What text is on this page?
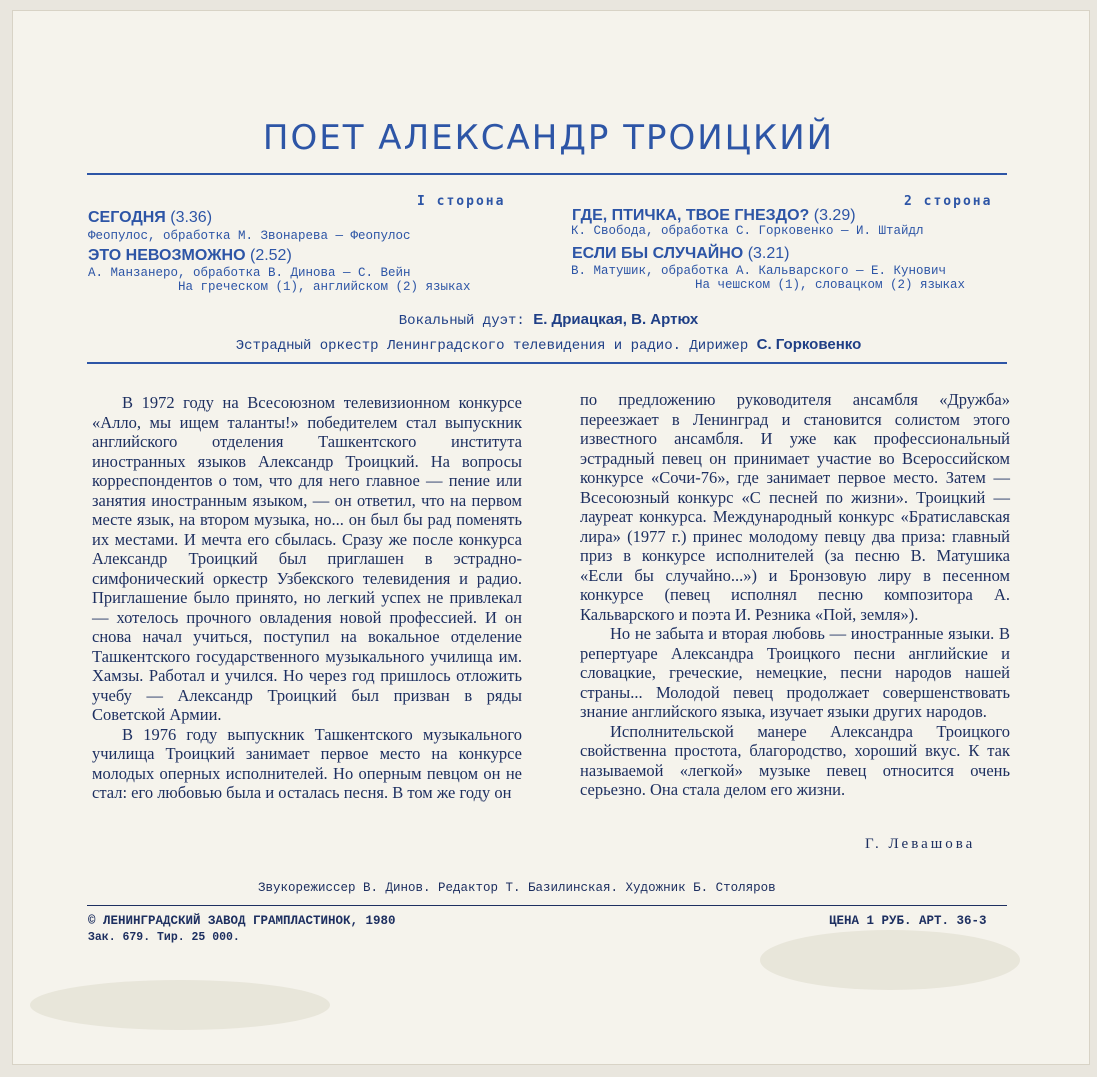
ПОЕТ АЛЕКСАНДР ТРОИЦКИЙ
I сторона
СЕГОДНЯ (3.36)
Феопулос, обработка М. Звонарева — Феопулос
ЭТО НЕВОЗМОЖНО (2.52)
А. Манзанеро, обработка В. Динова — С. Вейн
На греческом (1), английском (2) языках
2 сторона
ГДЕ, ПТИЧКА, ТВОЕ ГНЕЗДО? (3.29)
К. Свобода, обработка С. Горковенко — И. Штайдл
ЕСЛИ БЫ СЛУЧАЙНО (3.21)
В. Матушик, обработка А. Кальварского — Е. Кунович
На чешском (1), словацком (2) языках
Вокальный дуэт: Е. Дриацкая, В. Артюх
Эстрадный оркестр Ленинградского телевидения и радио. Дирижер С. Горковенко

В 1972 году на Всесоюзном телевизионном конкурсе «Алло, мы ищем таланты!» победителем стал выпускник английского отделения Ташкентского института иностранных языков Александр Троицкий. На вопросы корреспондентов о том, что для него главное — пение или занятия иностранным языком, — он ответил, что на первом месте язык, на втором музыка, но... он был бы рад поменять их местами. И мечта его сбылась. Сразу же после конкурса Александр Троицкий был приглашен в эстрадно-симфонический оркестр Узбекского телевидения и радио. Приглашение было принято, но легкий успех не привлекал — хотелось прочного овладения новой профессией. И он снова начал учиться, поступил на вокальное отделение Ташкентского государственного музыкального училища им. Хамзы. Работал и учился. Но через год пришлось отложить учебу — Александр Троицкий был призван в ряды Советской Армии.

В 1976 году выпускник Ташкентского музыкального училища Троицкий занимает первое место на конкурсе молодых оперных исполнителей. Но оперным певцом он не стал: его любовью была и осталась песня. В том же году он

по предложению руководителя ансамбля «Дружба» переезжает в Ленинград и становится солистом этого известного ансамбля. И уже как профессиональный эстрадный певец он принимает участие во Всероссийском конкурсе «Сочи-76», где занимает первое место. Затем — Всесоюзный конкурс «С песней по жизни». Троицкий — лауреат конкурса. Международный конкурс «Братиславская лира» (1977 г.) принес молодому певцу два приза: главный приз в конкурсе исполнителей (за песню В. Матушика «Если бы случайно...») и Бронзовую лиру в песенном конкурсе (певец исполнял песню композитора А. Кальварского и поэта И. Резника «Пой, земля»).

Но не забыта и вторая любовь — иностранные языки. В репертуаре Александра Троицкого песни английские и словацкие, греческие, немецкие, песни народов нашей страны... Молодой певец продолжает совершенствовать знание английского языка, изучает языки других народов.

Исполнительской манере Александра Троицкого свойственна простота, благородство, хороший вкус. К так называемой «легкой» музыке певец относится очень серьезно. Она стала делом его жизни.

Г. Левашова
Звукорежиссер В. Динов. Редактор Т. Базилинская. Художник Б. Столяров
© ЛЕНИНГРАДСКИЙ ЗАВОД ГРАМПЛАСТИНОК, 1980
Зак. 679. Тир. 25 000.
ЦЕНА 1 РУБ. АРТ. 36-3
